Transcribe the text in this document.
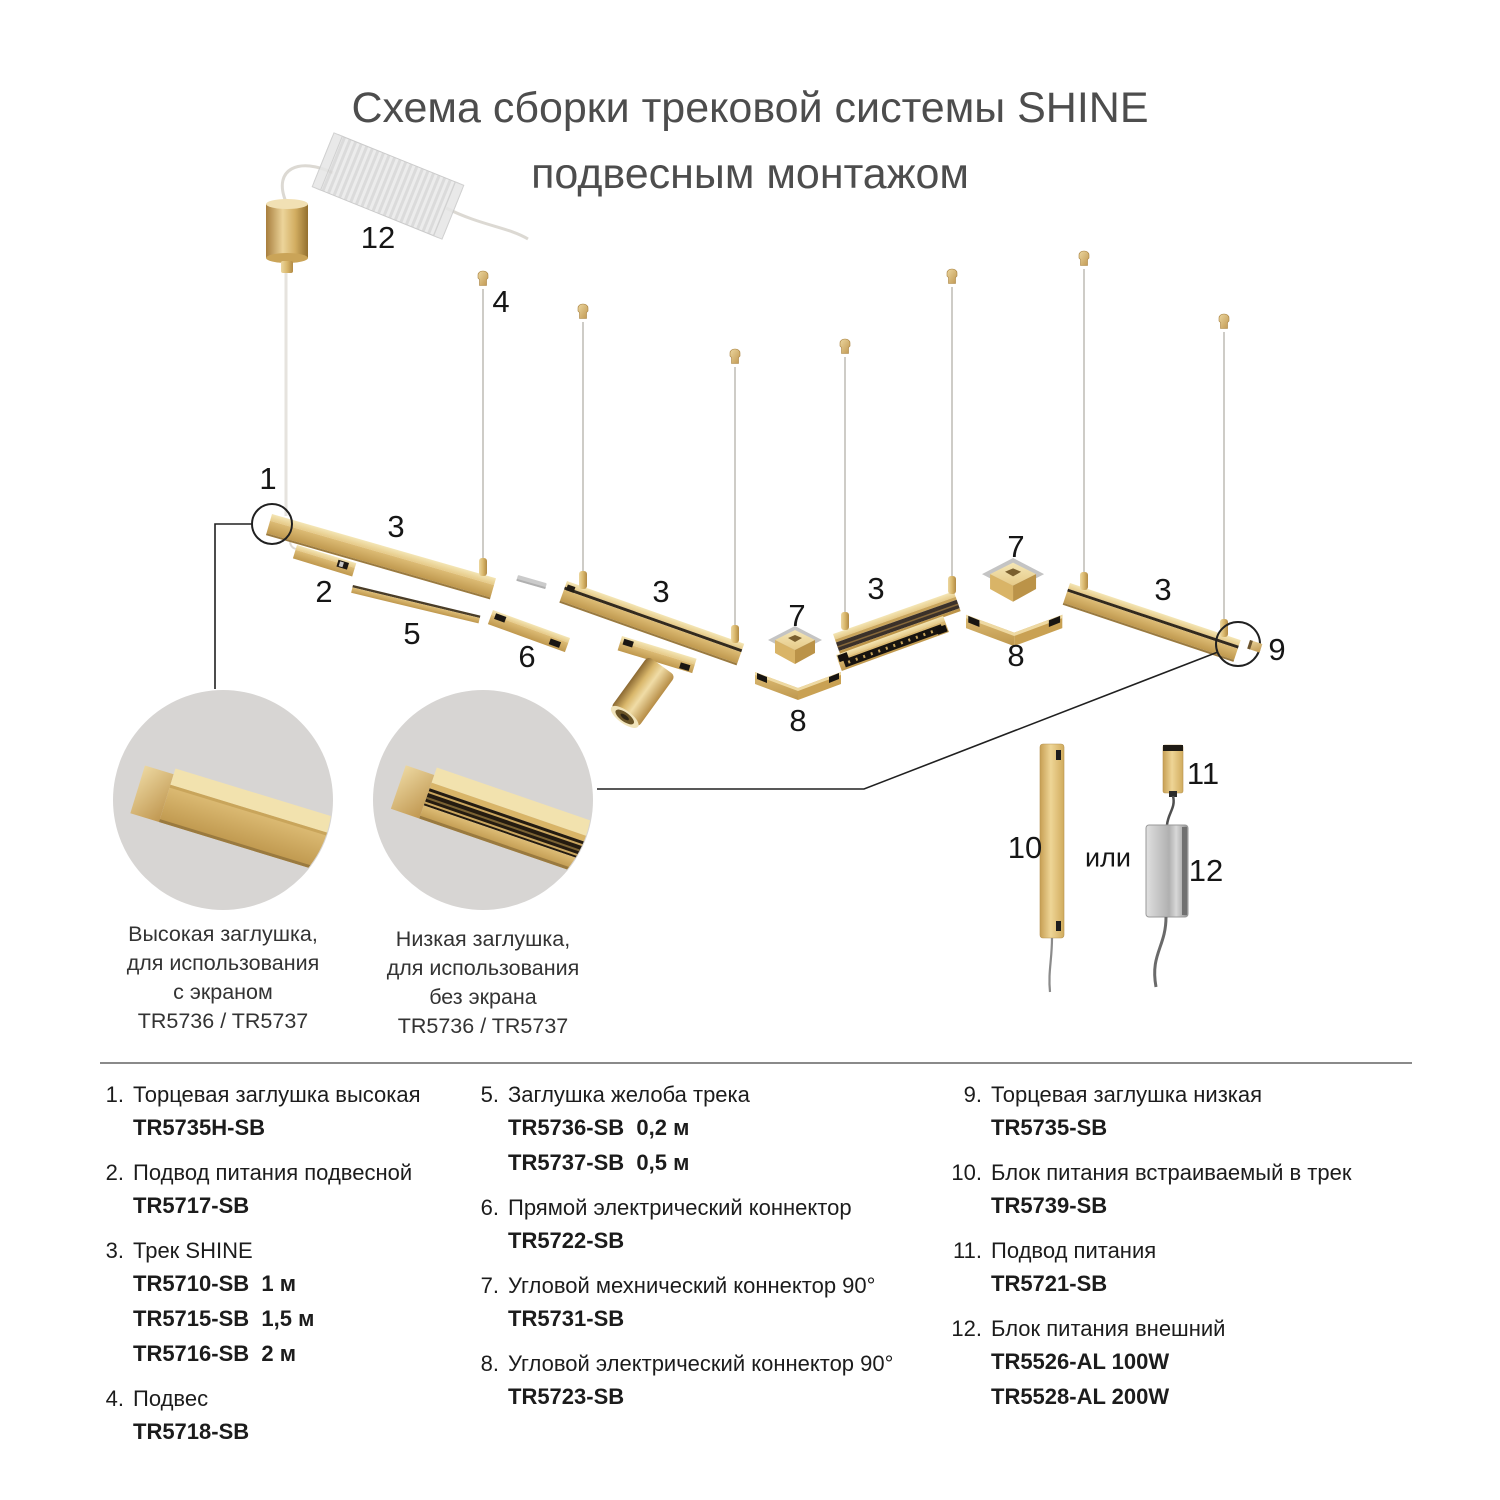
Схема сборки трековой системы SHINE
подвесным монтажом
12
4
1
3
2
5
6
3
7
8
3
7
8
3
9
10 или
11
12
Высокая заглушка,
для использования
с экраном
TR5736 / TR5737
Низкая заглушка,
для использования
без экрана
TR5736 / TR5737
1. Торцевая заглушка высокая
TR5735H-SB
2. Подвод питания подвесной
TR5717-SB
3. Трек SHINE
TR5710-SB  1 м
TR5715-SB  1,5 м
TR5716-SB  2 м
4. Подвес
TR5718-SB
5. Заглушка желоба трека
TR5736-SB  0,2 м
TR5737-SB  0,5 м
6. Прямой электрический коннектор
TR5722-SB
7. Угловой мехнический коннектор 90°
TR5731-SB
8. Угловой электрический коннектор 90°
TR5723-SB
9. Торцевая заглушка низкая
TR5735-SB
10. Блок питания встраиваемый в трек
TR5739-SB
11. Подвод питания
TR5721-SB
12. Блок питания внешний
TR5526-AL 100W
TR5528-AL 200W
